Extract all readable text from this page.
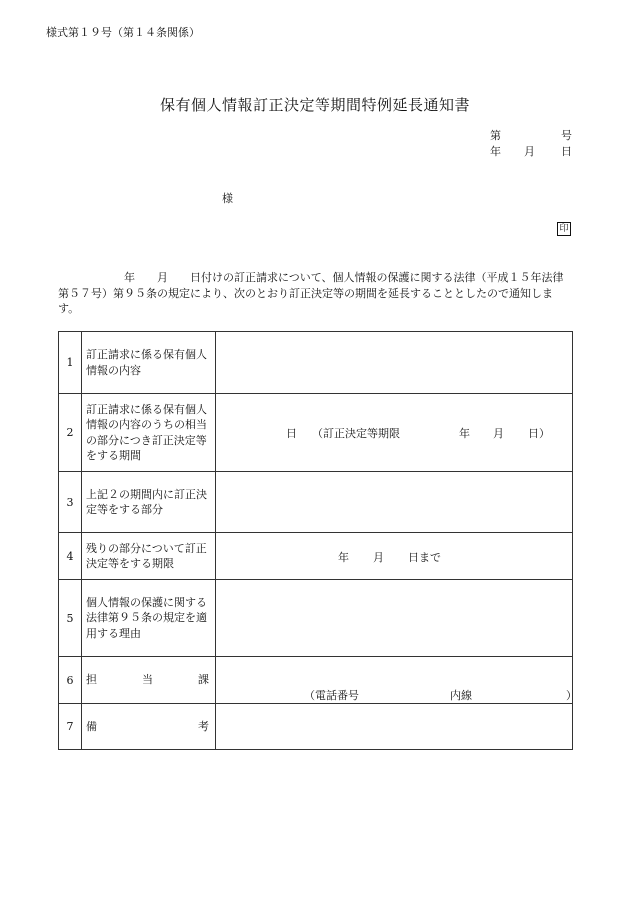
様式第１９号（第１４条関係）
保有個人情報訂正決定等期間特例延長通知書
第	号
年 月 日
様
印
　　　　　　年　　月　　日付けの訂正請求について、個人情報の保護に関する法律（平成１５年法律第５７号）第９５条の規定により、次のとおり訂正決定等の期間を延長することとしたので通知します。
1	訂正請求に係る保有個人情報の内容	
2	訂正請求に係る保有個人情報の内容のうちの相当の部分につき訂正決定等をする期間	日 （訂正決定等期限 年 月 日）

3	上記２の期間内に訂正決定等をする部分	
4	残りの部分について訂正決定等をする期限	年 月 日まで

5	個人情報の保護に関する法律第９５条の規定を適用する理由	
6	担 当 課	（電話番号 内線 ）

7	備 考	
